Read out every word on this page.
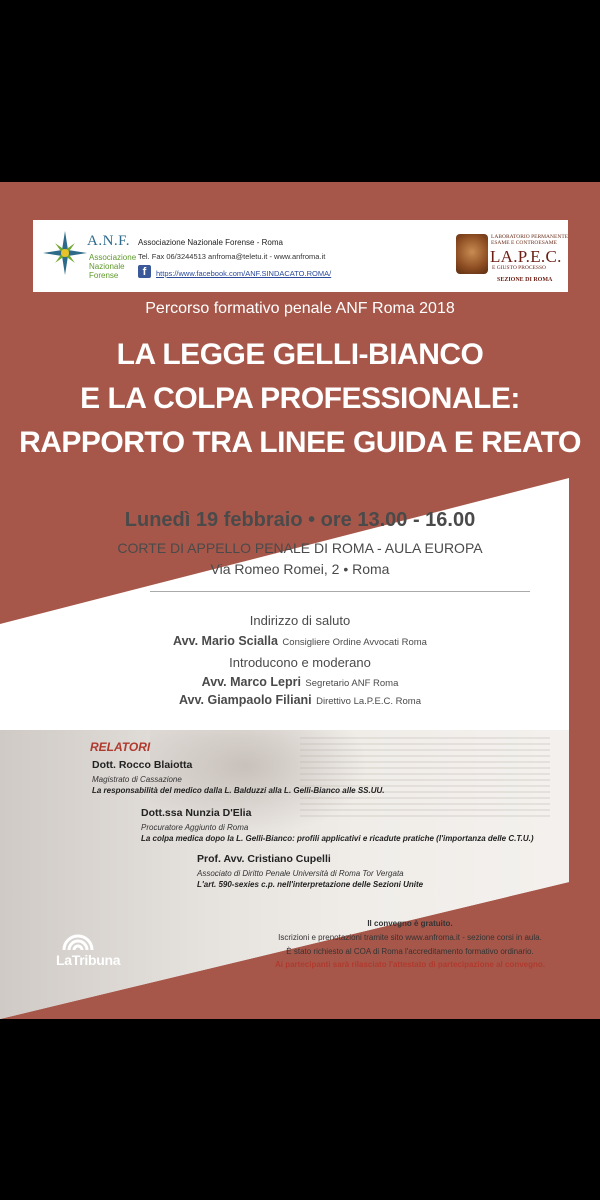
A.N.F.
Associazione Nazionale Forense
Associazione Nazionale Forense - Roma
Tel. Fax 06/3244513 anfroma@teletu.it - www.anfroma.it
f	https://www.facebook.com/ANF.SINDACATO.ROMA/
LABORATORIO PERMANENTE ESAME E CONTROESAME
LA.P.E.C.
E GIUSTO PROCESSO
SEZIONE DI ROMA
Percorso formativo penale ANF Roma 2018
LA LEGGE GELLI-BIANCO
E LA COLPA PROFESSIONALE:
RAPPORTO TRA LINEE GUIDA E REATO
Lunedì 19 febbraio • ore 13.00 - 16.00
CORTE DI APPELLO PENALE DI ROMA - AULA EUROPA
Via Romeo Romei, 2 • Roma
Indirizzo di saluto
Avv. Mario Scialla Consigliere Ordine Avvocati Roma
Introducono e moderano
Avv. Marco Lepri Segretario ANF Roma
Avv. Giampaolo Filiani Direttivo La.P.E.C. Roma
RELATORI
Dott. Rocco Blaiotta
Magistrato di Cassazione
La responsabilità del medico dalla L. Balduzzi alla L. Gelli-Bianco alle SS.UU.
Dott.ssa Nunzia D'Elia
Procuratore Aggiunto di Roma
La colpa medica dopo la L. Gelli-Bianco: profili applicativi e ricadute pratiche (l'importanza delle C.T.U.)
Prof. Avv. Cristiano Cupelli
Associato di Diritto Penale Università di Roma Tor Vergata
L'art. 590-sexies c.p. nell'interpretazione delle Sezioni Unite
Il convegno è gratuito.
Iscrizioni e prenotazioni tramite sito www.anfroma.it - sezione corsi in aula.
È stato richiesto al COA di Roma l'accreditamento formativo ordinario.
Ai partecipanti sarà rilasciato l'attestato di partecipazione al convegno.
LaTribuna
